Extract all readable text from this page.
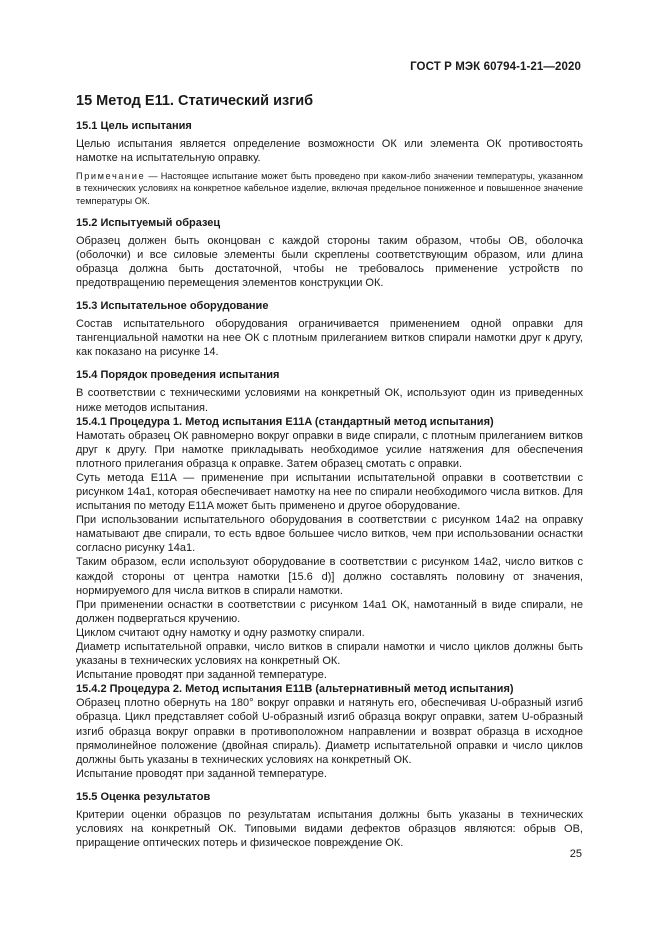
ГОСТ Р МЭК 60794-1-21—2020
15 Метод E11. Статический изгиб
15.1 Цель испытания

Целью испытания является определение возможности ОК или элемента ОК противостоять намотке на испытательную оправку.

Примечание — Настоящее испытание может быть проведено при каком-либо значении температуры, указанном в технических условиях на конкретное кабельное изделие, включая предельное пониженное и повышенное значение температуры ОК.

15.2 Испытуемый образец

Образец должен быть оконцован с каждой стороны таким образом, чтобы ОВ, оболочка (оболочки) и все силовые элементы были скреплены соответствующим образом, или длина образца должна быть достаточной, чтобы не требовалось применение устройств по предотвращению перемещения элементов конструкции ОК.

15.3 Испытательное оборудование

Состав испытательного оборудования ограничивается применением одной оправки для тангенциальной намотки на нее ОК с плотным прилеганием витков спирали намотки друг к другу, как показано на рисунке 14.

15.4 Порядок проведения испытания

В соответствии с техническими условиями на конкретный ОК, используют один из приведенных ниже методов испытания.

15.4.1 Процедура 1. Метод испытания E11A (стандартный метод испытания)

Намотать образец ОК равномерно вокруг оправки в виде спирали, с плотным прилеганием витков друг к другу. При намотке прикладывать необходимое усилие натяжения для обеспечения плотного прилегания образца к оправке. Затем образец смотать с оправки.

Суть метода E11A — применение при испытании испытательной оправки в соответствии с рисунком 14a1, которая обеспечивает намотку на нее по спирали необходимого числа витков. Для испытания по методу E11A может быть применено и другое оборудование.

При использовании испытательного оборудования в соответствии с рисунком 14a2 на оправку наматывают две спирали, то есть вдвое большее число витков, чем при использовании оснастки согласно рисунку 14a1.

Таким образом, если используют оборудование в соответствии с рисунком 14a2, число витков с каждой стороны от центра намотки [15.6 d)] должно составлять половину от значения, нормируемого для числа витков в спирали намотки.

При применении оснастки в соответствии с рисунком 14a1 ОК, намотанный в виде спирали, не должен подвергаться кручению.

Циклом считают одну намотку и одну размотку спирали.

Диаметр испытательной оправки, число витков в спирали намотки и число циклов должны быть указаны в технических условиях на конкретный ОК.

Испытание проводят при заданной температуре.

15.4.2 Процедура 2. Метод испытания E11B (альтернативный метод испытания)

Образец плотно обернуть на 180° вокруг оправки и натянуть его, обеспечивая U-образный изгиб образца. Цикл представляет собой U-образный изгиб образца вокруг оправки, затем U-образный изгиб образца вокруг оправки в противоположном направлении и возврат образца в исходное прямолинейное положение (двойная спираль). Диаметр испытательной оправки и число циклов должны быть указаны в технических условиях на конкретный ОК.

Испытание проводят при заданной температуре.

15.5 Оценка результатов

Критерии оценки образцов по результатам испытания должны быть указаны в технических условиях на конкретный ОК. Типовыми видами дефектов образцов являются: обрыв ОВ, приращение оптических потерь и физическое повреждение ОК.

25
